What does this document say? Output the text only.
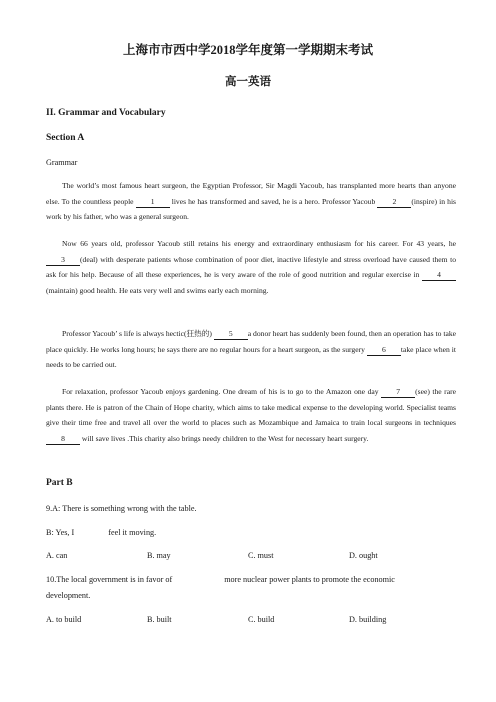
上海市市西中学2018学年度第一学期期末考试
高一英语
II. Grammar and Vocabulary
Section A
Grammar
The world’s most famous heart surgeon, the Egyptian Professor, Sir Magdi Yacoub, has transplanted more hearts than anyone else. To the countless people 1 lives he has transformed and saved, he is a hero. Professor Yacoub 2 (inspire) in his work by his father, who was a general surgeon.
Now 66 years old, professor Yacoub still retains his energy and extraordinary enthusiasm for his career. For 43 years, he 3 (deal) with desperate patients whose combination of poor diet, inactive lifestyle and stress overload have caused them to ask for his help. Because of all these experiences, he is very aware of the role of good nutrition and regular exercise in 4(maintain) good health. He eats very well and swims early each morning.
Professor Yacoub’ s life is always hectic(狂热的) 5 a donor heart has suddenly been found, then an operation has to take place quickly. He works long hours; he says there are no regular hours for a heart surgeon, as the surgery 6 take place when it needs to be carried out.
For relaxation, professor Yacoub enjoys gardening. One dream of his is to go to the Amazon one day 7 (see) the rare plants there. He is patron of the Chain of Hope charity, which aims to take medical expense to the developing world. Specialist teams give their time free and travel all over the world to places such as Mozambique and Jamaica to train local surgeons in techniques 8 will save lives .This charity also brings needy children to the West for necessary heart surgery.
Part B
9.A: There is something wrong with the table.
B: Yes, I	feel it moving.
A. can	B. may	C. must	D. ought
10.The local government is in favor of	more nuclear power plants to promote the economic
development.
A. to build	B. built	C. build	D. building
